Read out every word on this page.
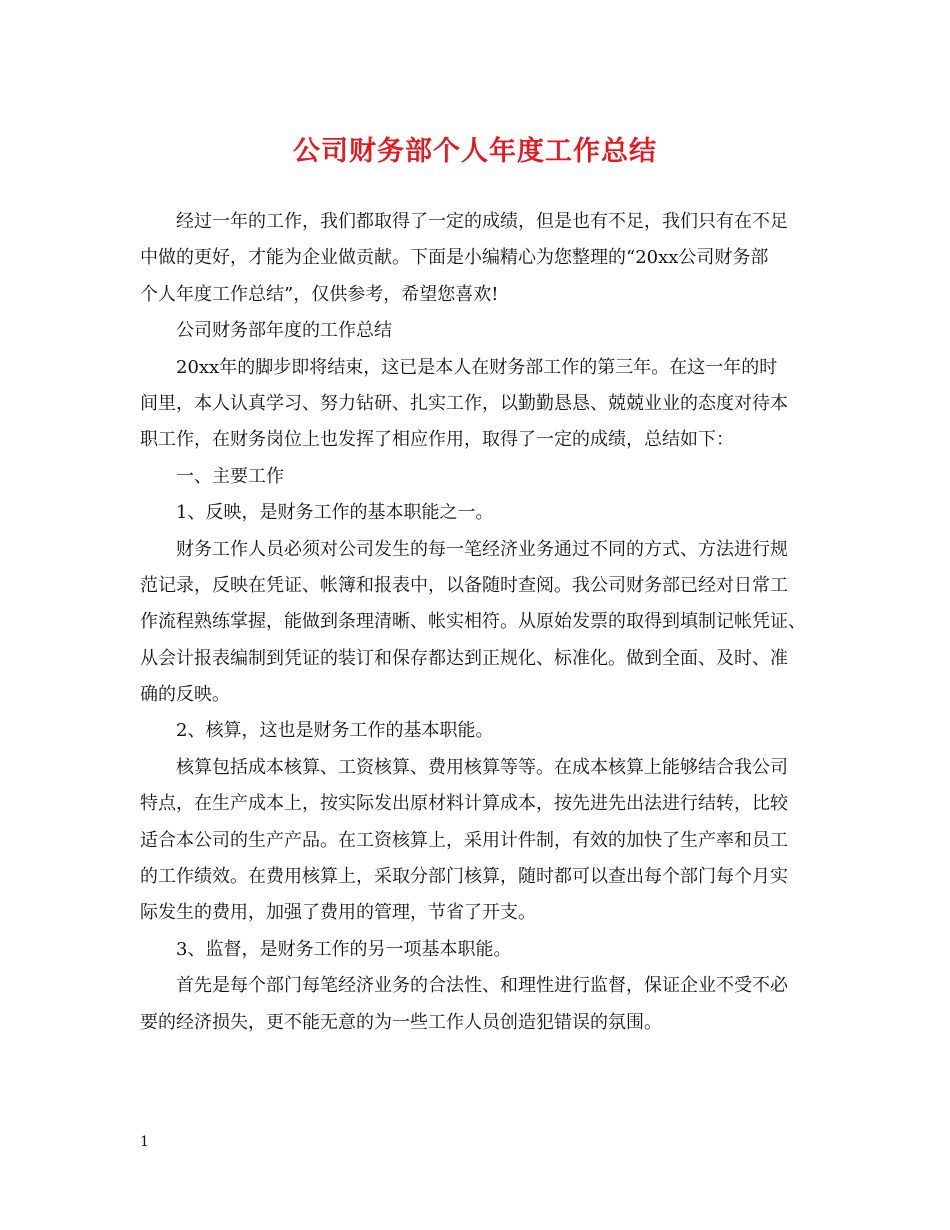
公司财务部个人年度工作总结
经过一年的工作，我们都取得了一定的成绩，但是也有不足，我们只有在不足
中做的更好，才能为企业做贡献。下面是小编精心为您整理的“20xx公司财务部
个人年度工作总结”，仅供参考，希望您喜欢!
公司财务部年度的工作总结
20xx年的脚步即将结束，这已是本人在财务部工作的第三年。在这一年的时
间里，本人认真学习、努力钻研、扎实工作，以勤勤恳恳、兢兢业业的态度对待本
职工作，在财务岗位上也发挥了相应作用，取得了一定的成绩，总结如下：
一、主要工作
1、反映，是财务工作的基本职能之一。
财务工作人员必须对公司发生的每一笔经济业务通过不同的方式、方法进行规
范记录，反映在凭证、帐簿和报表中，以备随时查阅。我公司财务部已经对日常工
作流程熟练掌握，能做到条理清晰、帐实相符。从原始发票的取得到填制记帐凭证、
从会计报表编制到凭证的装订和保存都达到正规化、标准化。做到全面、及时、准
确的反映。
2、核算，这也是财务工作的基本职能。
核算包括成本核算、工资核算、费用核算等等。在成本核算上能够结合我公司
特点，在生产成本上，按实际发出原材料计算成本，按先进先出法进行结转，比较
适合本公司的生产产品。在工资核算上，采用计件制，有效的加快了生产率和员工
的工作绩效。在费用核算上，采取分部门核算，随时都可以查出每个部门每个月实
际发生的费用，加强了费用的管理，节省了开支。
3、监督，是财务工作的另一项基本职能。
首先是每个部门每笔经济业务的合法性、和理性进行监督，保证企业不受不必
要的经济损失，更不能无意的为一些工作人员创造犯错误的氛围。
1
